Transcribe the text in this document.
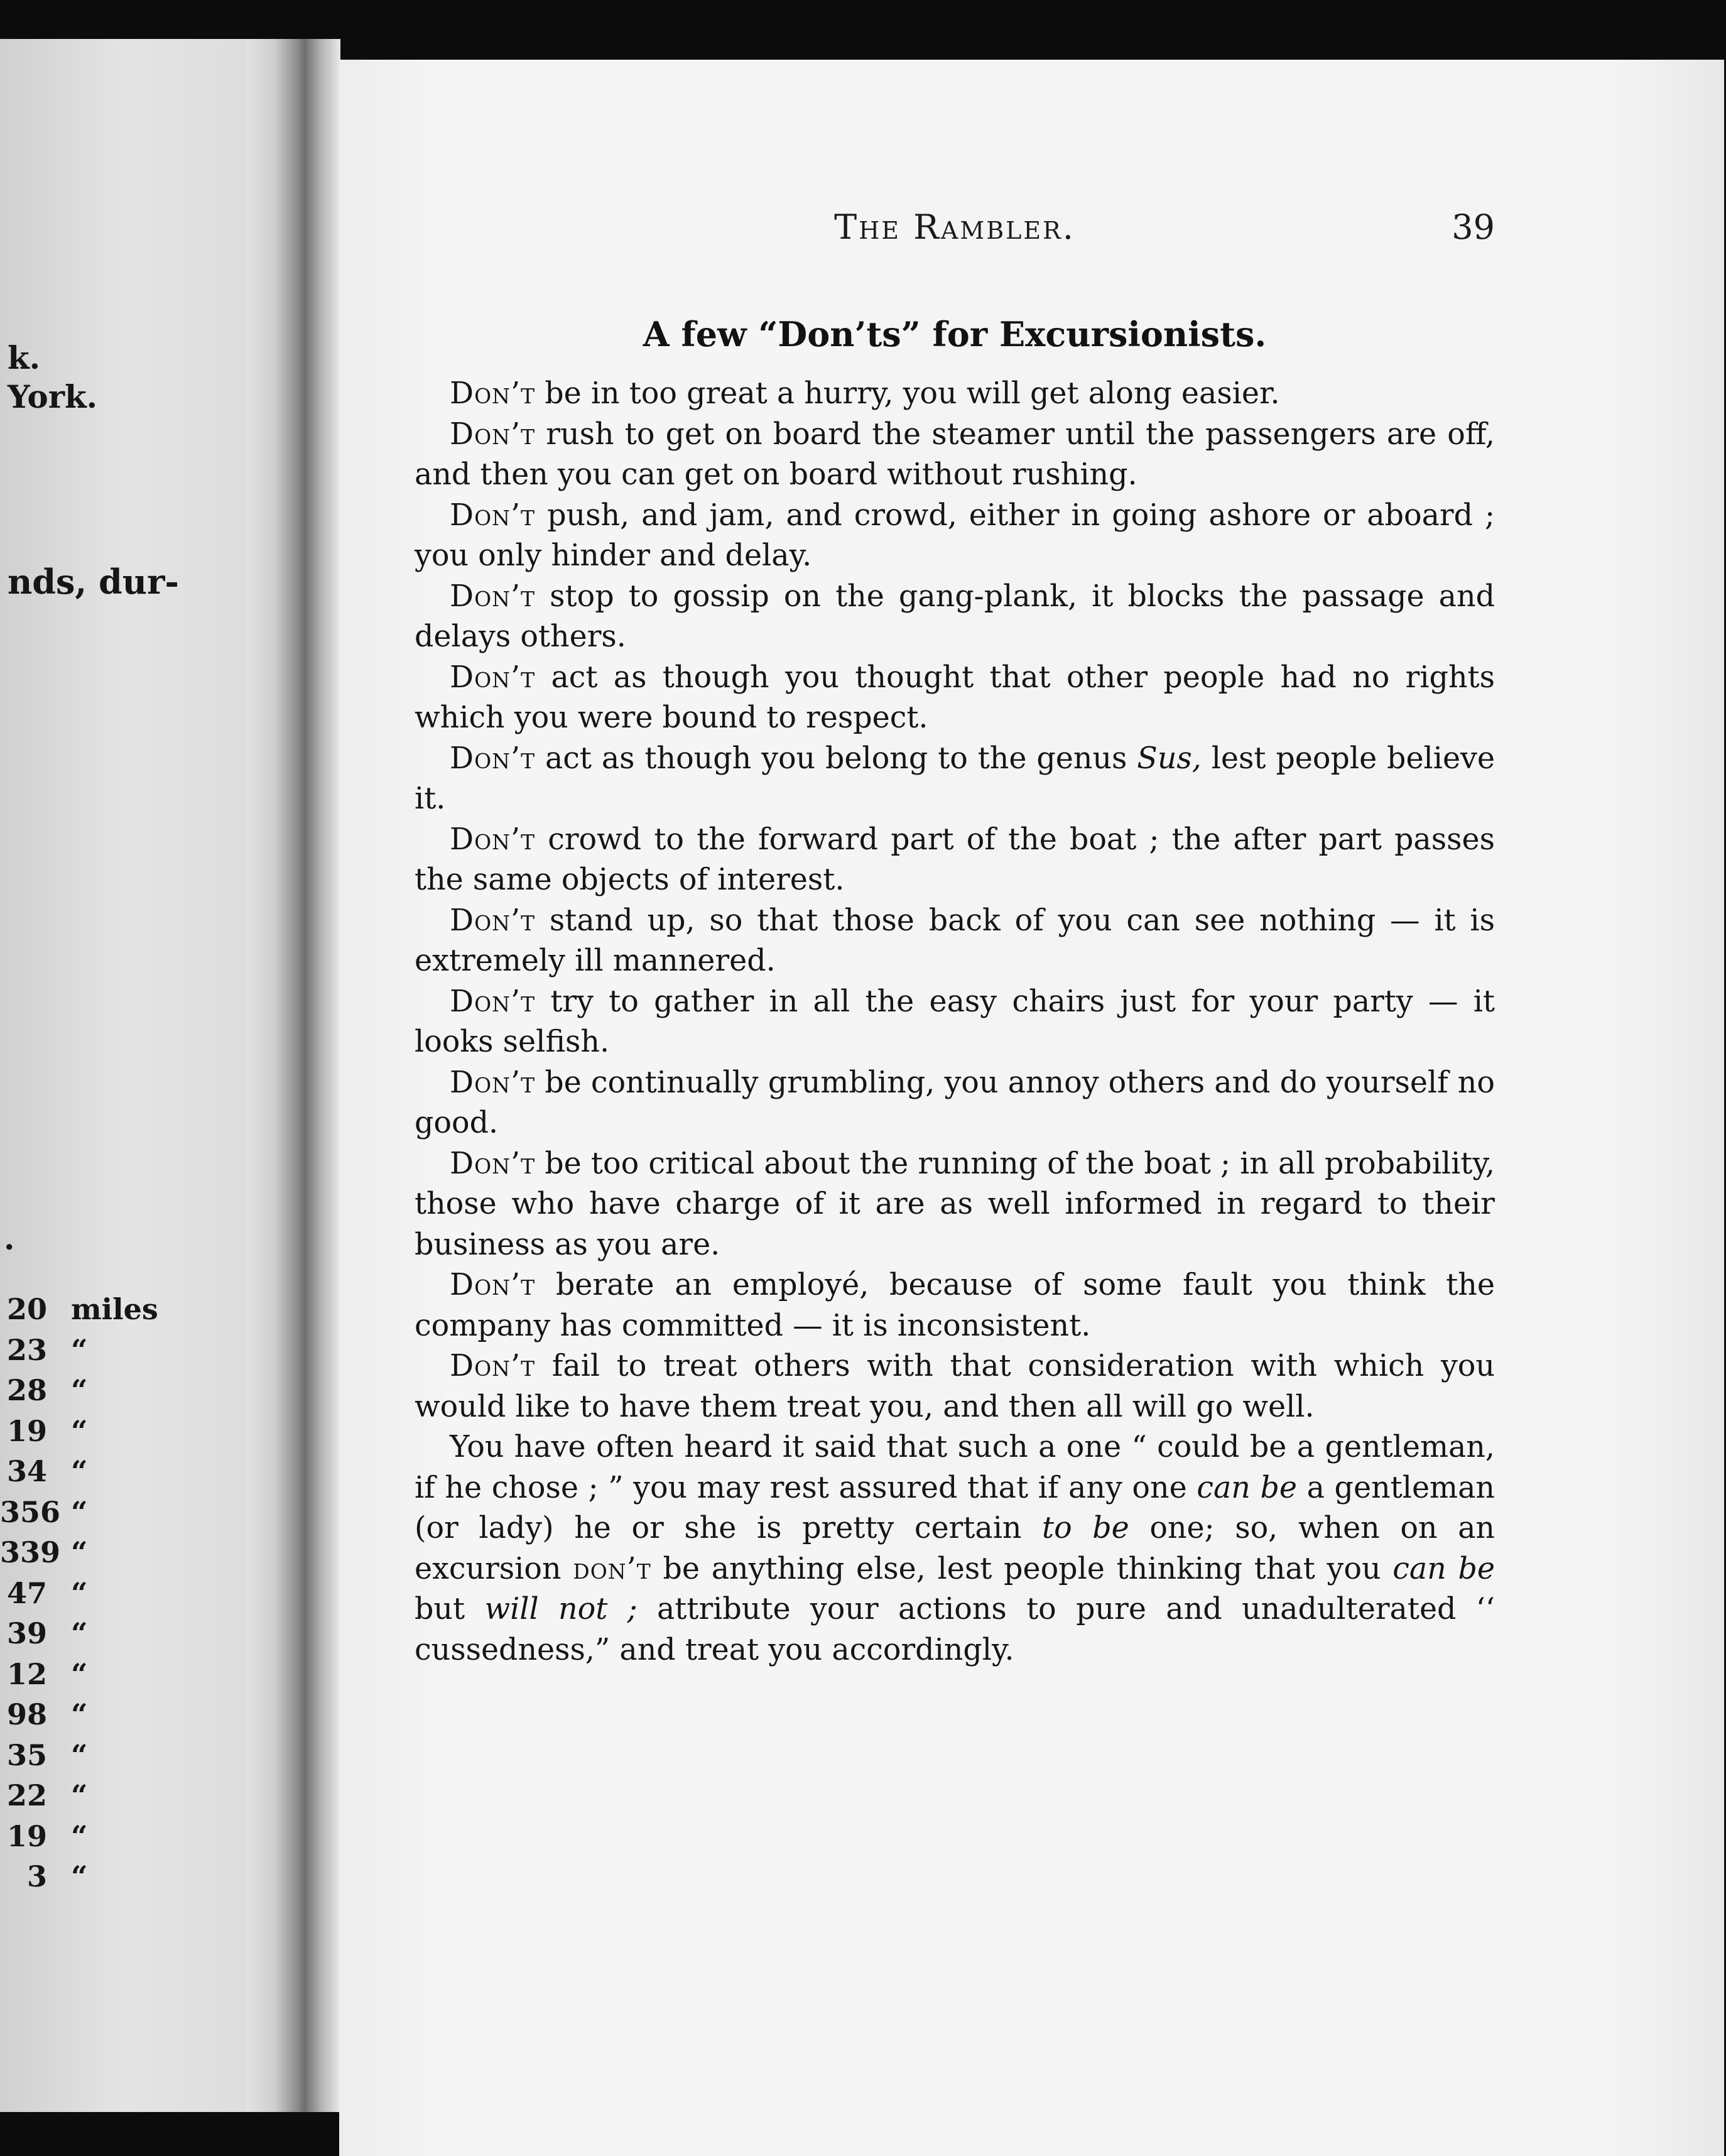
k.
York.
nds, dur-
.
20 miles
23 “
28 “
19 “
34 “
356 “
339 “
47 “
39 “
12 “
98 “
35 “
22 “
19 “
3 “
The Rambler.	39
A few “Don’ts” for Excursionists.

Don’t be in too great a hurry, you will get along easier.

Don’t rush to get on board the steamer until the passengers are off, and then you can get on board without rushing.

Don’t push, and jam, and crowd, either in going ashore or aboard ; you only hinder and delay.

Don’t stop to gossip on the gang-plank, it blocks the passage and delays others.

Don’t act as though you thought that other people had no rights which you were bound to respect.

Don’t act as though you belong to the genus Sus, lest people believe it.

Don’t crowd to the forward part of the boat ; the after part passes the same objects of interest.

Don’t stand up, so that those back of you can see nothing — it is extremely ill mannered.

Don’t try to gather in all the easy chairs just for your party — it looks selfish.

Don’t be continually grumbling, you annoy others and do yourself no good.

Don’t be too critical about the running of the boat ; in all probability, those who have charge of it are as well informed in regard to their business as you are.

Don’t berate an employé, because of some fault you think the company has committed — it is inconsistent.

Don’t fail to treat others with that consideration with which you would like to have them treat you, and then all will go well.

You have often heard it said that such a one “ could be a gentleman, if he chose ; ” you may rest assured that if any one can be a gentleman (or lady) he or she is pretty certain to be one; so, when on an excursion don’t be anything else, lest people thinking that you can be but will not ; attribute your actions to pure and unadulterated ‘‘ cussedness,” and treat you accordingly.
